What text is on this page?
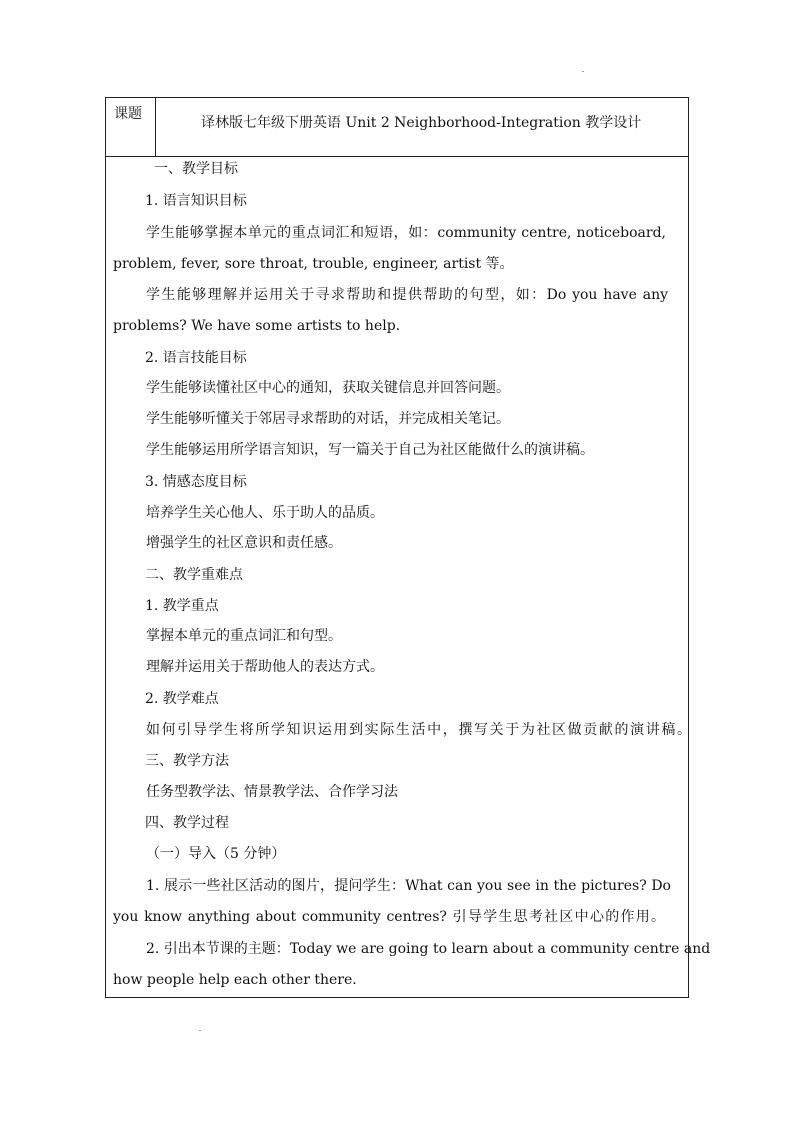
课题
译林版七年级下册英语 Unit 2 Neighborhood-Integration 教学设计
一、教学目标
1. 语言知识目标
学生能够掌握本单元的重点词汇和短语，如：community centre, noticeboard,
problem, fever, sore throat, trouble, engineer, artist 等。
学生能够理解并运用关于寻求帮助和提供帮助的句型，如：Do you have any
problems? We have some artists to help.
2. 语言技能目标
学生能够读懂社区中心的通知，获取关键信息并回答问题。
学生能够听懂关于邻居寻求帮助的对话，并完成相关笔记。
学生能够运用所学语言知识，写一篇关于自己为社区能做什么的演讲稿。
3. 情感态度目标
培养学生关心他人、乐于助人的品质。
增强学生的社区意识和责任感。
二、教学重难点
1. 教学重点
掌握本单元的重点词汇和句型。
理解并运用关于帮助他人的表达方式。
2. 教学难点
如何引导学生将所学知识运用到实际生活中，撰写关于为社区做贡献的演讲稿。
三、教学方法
任务型教学法、情景教学法、合作学习法
四、教学过程
（一）导入（5 分钟）
1. 展示一些社区活动的图片，提问学生：What can you see in the pictures? Do
you know anything about community centres? 引导学生思考社区中心的作用。
2. 引出本节课的主题：Today we are going to learn about a community centre and
how people help each other there.
